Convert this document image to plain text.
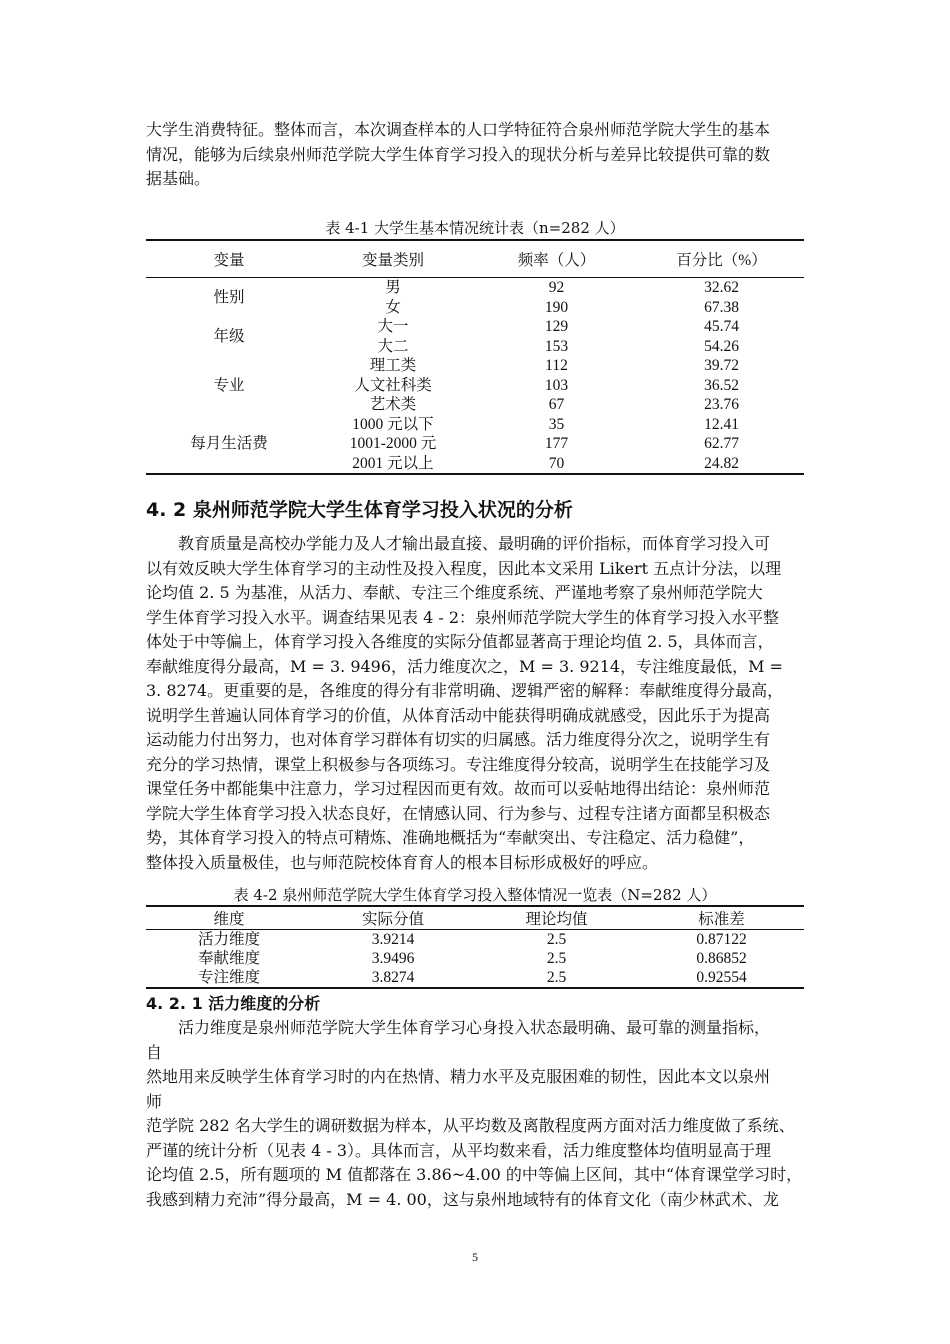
大学生消费特征。整体而言，本次调查样本的人口学特征符合泉州师范学院大学生的基本

情况，能够为后续泉州师范学院大学生体育学习投入的现状分析与差异比较提供可靠的数

据基础。

表 4-1 大学生基本情况统计表（n=282 人）
变量	变量类别	频率（人）	百分比（%）
性别	男	92	32.62
	女	190	67.38
年级	大一	129	45.74
	大二	153	54.26
专业	理工类	112	39.72
	人文社科类	103	36.52
	艺术类	67	23.76
每月生活费	1000 元以下	35	12.41
	1001-2000 元	177	62.77
	2001 元以上	70	24.82
4. 2 泉州师范学院大学生体育学习投入状况的分析

教育质量是高校办学能力及人才输出最直接、最明确的评价指标，而体育学习投入可

以有效反映大学生体育学习的主动性及投入程度，因此本文采用 Likert 五点计分法，以理

论均值 2. 5 为基准，从活力、奉献、专注三个维度系统、严谨地考察了泉州师范学院大

学生体育学习投入水平。调查结果见表 4 - 2：泉州师范学院大学生的体育学习投入水平整

体处于中等偏上，体育学习投入各维度的实际分值都显著高于理论均值 2. 5，具体而言，

奉献维度得分最高，M = 3. 9496，活力维度次之，M = 3. 9214，专注维度最低，M =

3. 8274。更重要的是，各维度的得分有非常明确、逻辑严密的解释：奉献维度得分最高，

说明学生普遍认同体育学习的价值，从体育活动中能获得明确成就感受，因此乐于为提高

运动能力付出努力，也对体育学习群体有切实的归属感。活力维度得分次之，说明学生有

充分的学习热情，课堂上积极参与各项练习。专注维度得分较高，说明学生在技能学习及

课堂任务中都能集中注意力，学习过程因而更有效。故而可以妥帖地得出结论：泉州师范

学院大学生体育学习投入状态良好，在情感认同、行为参与、过程专注诸方面都呈积极态

势，其体育学习投入的特点可精炼、准确地概括为“奉献突出、专注稳定、活力稳健”，

整体投入质量极佳，也与师范院校体育育人的根本目标形成极好的呼应。

表 4-2 泉州师范学院大学生体育学习投入整体情况一览表（N=282 人）
维度	实际分值	理论均值	标准差
活力维度	3.9214	2.5	0.87122
奉献维度	3.9496	2.5	0.86852
专注维度	3.8274	2.5	0.92554
4. 2. 1 活力维度的分析

活力维度是泉州师范学院大学生体育学习心身投入状态最明确、最可靠的测量指标，

自

然地用来反映学生体育学习时的内在热情、精力水平及克服困难的韧性，因此本文以泉州

师

范学院 282 名大学生的调研数据为样本，从平均数及离散程度两方面对活力维度做了系统、

严谨的统计分析（见表 4 - 3）。具体而言，从平均数来看，活力维度整体均值明显高于理

论均值 2.5，所有题项的 M 值都落在 3.86~4.00 的中等偏上区间，其中“体育课堂学习时，

我感到精力充沛”得分最高，M = 4. 00，这与泉州地域特有的体育文化（南少林武术、龙

5
